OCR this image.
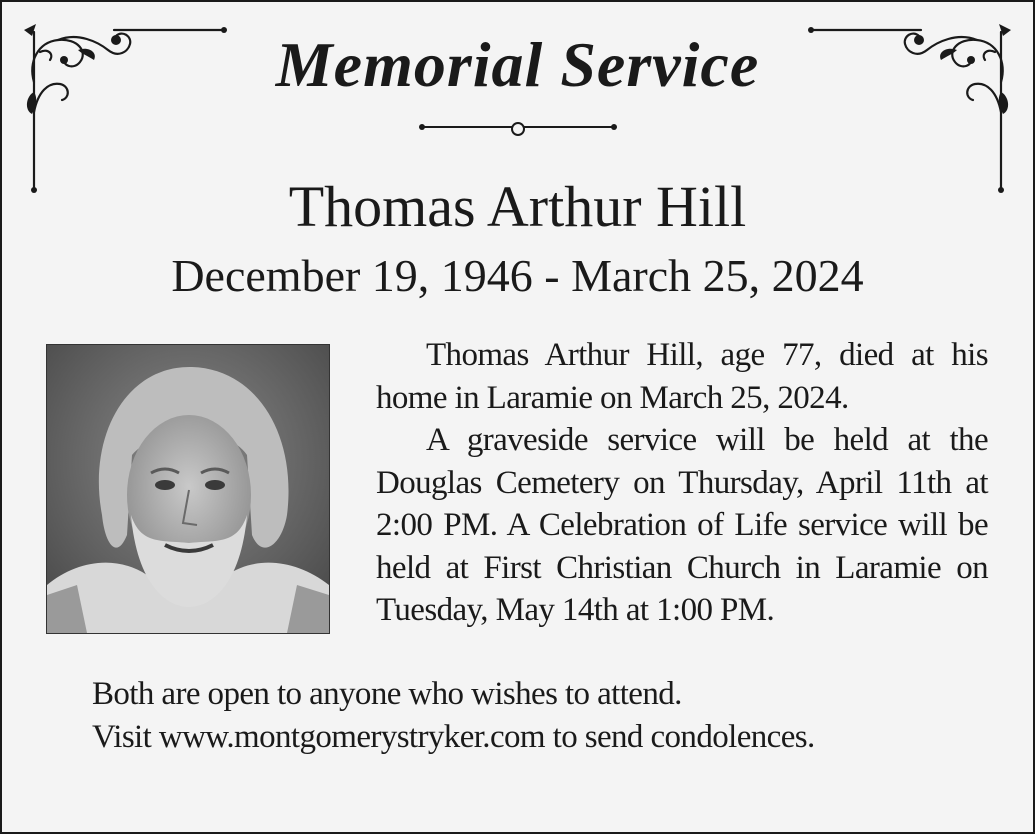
Memorial Service
Thomas Arthur Hill
December 19, 1946 - March 25, 2024

Thomas Arthur Hill, age 77, died at his home in Laramie on March 25, 2024.

A graveside service will be held at the Douglas Cemetery on Thursday, April 11th at 2:00 PM. A Celebration of Life service will be held at First Christian Church in Laramie on Tuesday, May 14th at 1:00 PM.

Both are open to anyone who wishes to attend.
Visit www.montgomerystryker.com to send condolences.
